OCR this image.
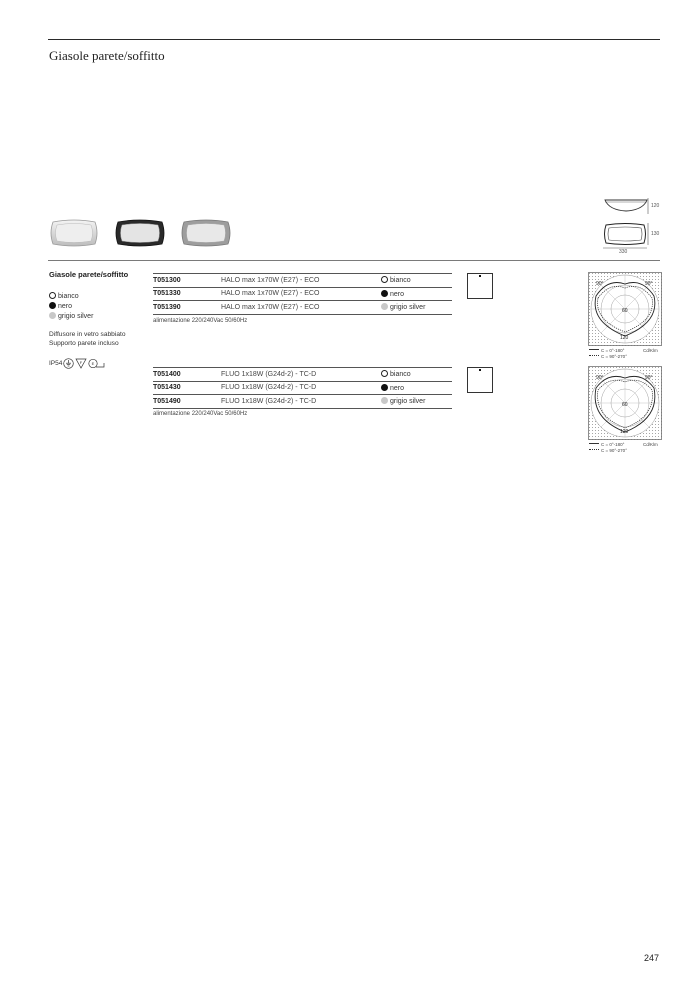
Giasole parete/soffitto
120
130
330
Giasole parete/soffitto
bianco
nero
grigio silver
Diffusore in vetro sabbiato
Supporto parete incluso
IP54	F E
T051300	HALO max 1x70W (E27) - ECO	bianco
T051330	HALO max 1x70W (E27) - ECO	nero
T051390	HALO max 1x70W (E27) - ECO	grigio silver
alimentazione 220/240Vac 50/60Hz
T051400	FLUO 1x18W (G24d-2) - TC-D	bianco
T051430	FLUO 1x18W (G24d-2) - TC-D	nero
T051490	FLUO 1x18W (G24d-2) - TC-D	grigio silver
alimentazione 220/240Vac 50/60Hz
90°	90°
60
120
C = 0°-180°	Cd/Klm
C = 90°-270°
90°	90°
60
120
C = 0°-180°	Cd/Klm
C = 90°-270°
247
